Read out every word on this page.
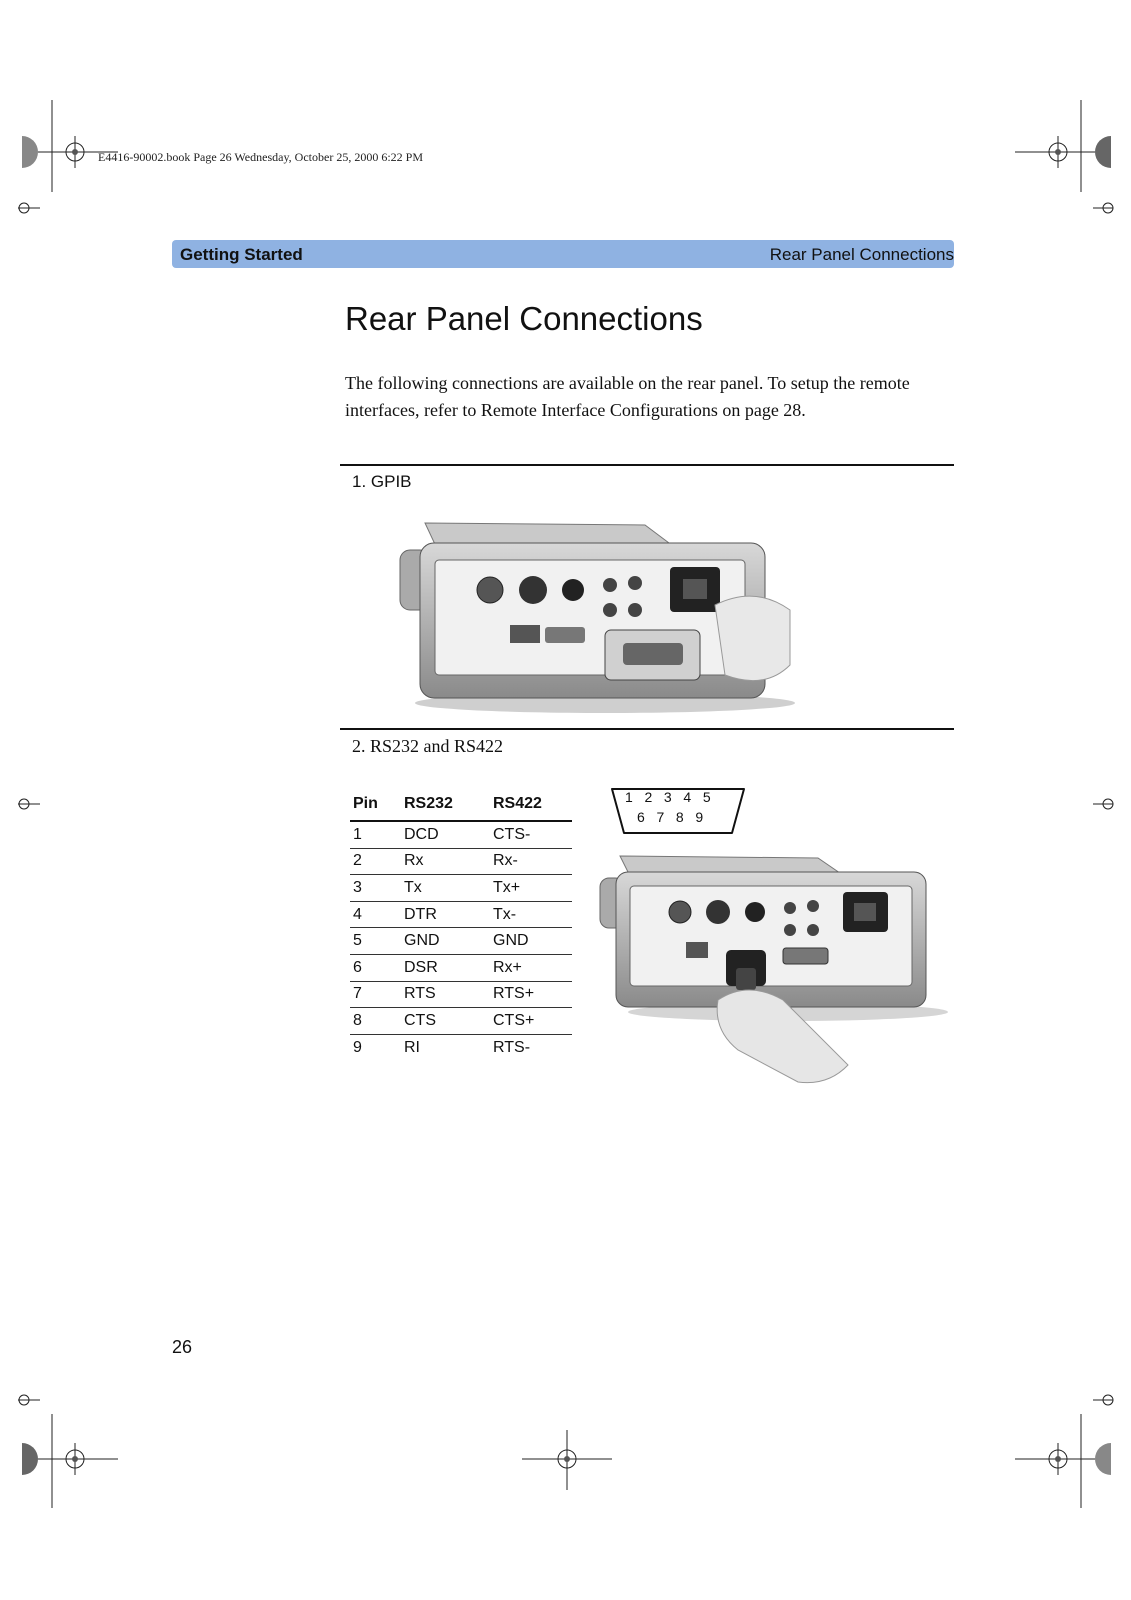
E4416-90002.book Page 26 Wednesday, October 25, 2000 6:22 PM
Getting Started	Rear Panel Connections
Rear Panel Connections
The following connections are available on the rear panel. To setup the remote interfaces, refer to Remote Interface Configurations on page 28.
1. GPIB
2. RS232 and RS422
Pin	RS232	RS422
1	DCD	CTS-
2	Rx	Rx-
3	Tx	Tx+
4	DTR	Tx-
5	GND	GND
6	DSR	Rx+
7	RTS	RTS+
8	CTS	CTS+
9	RI	RTS-
1   2   3   4   5
6   7   8   9
26
